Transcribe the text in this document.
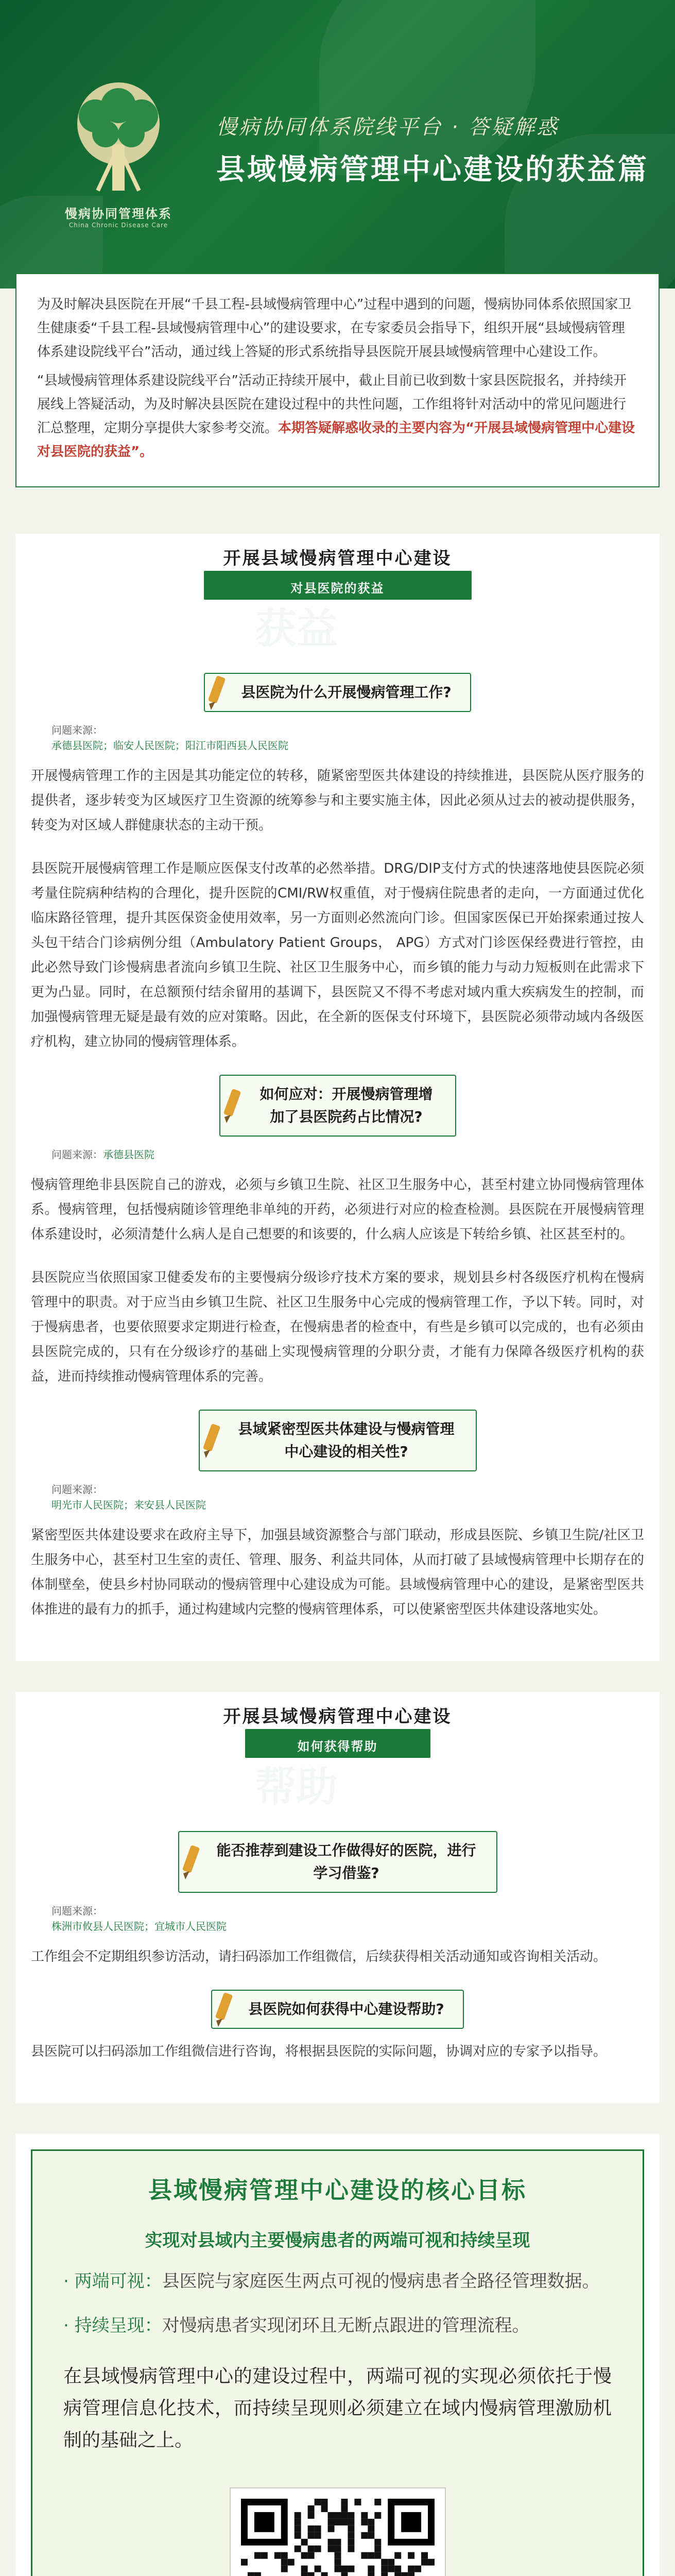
慢病协同管理体系
China Chronic Disease Care
慢病协同体系院线平台 · 答疑解惑
县域慢病管理中心建设的获益篇

为及时解决县医院在开展“千县工程-县域慢病管理中心”过程中遇到的问题，慢病协同体系依照国家卫生健康委“千县工程-县域慢病管理中心”的建设要求，在专家委员会指导下，组织开展“县域慢病管理体系建设院线平台”活动，通过线上答疑的形式系统指导县医院开展县域慢病管理中心建设工作。

“县域慢病管理体系建设院线平台”活动正持续开展中，截止目前已收到数十家县医院报名，并持续开展线上答疑活动，为及时解决县医院在建设过程中的共性问题，工作组将针对活动中的常见问题进行汇总整理，定期分享提供大家参考交流。本期答疑解惑收录的主要内容为“开展县域慢病管理中心建设对县医院的获益”。

开展县域慢病管理中心建设
对县医院的获益
获益
县医院为什么开展慢病管理工作?
问题来源：
承德县医院；临安人民医院；阳江市阳西县人民医院

开展慢病管理工作的主因是其功能定位的转移，随紧密型医共体建设的持续推进，县医院从医疗服务的提供者，逐步转变为区域医疗卫生资源的统筹参与和主要实施主体，因此必须从过去的被动提供服务，转变为对区域人群健康状态的主动干预。

县医院开展慢病管理工作是顺应医保支付改革的必然举措。DRG/DIP支付方式的快速落地使县医院必须考量住院病种结构的合理化，提升医院的CMI/RW权重值，对于慢病住院患者的走向，一方面通过优化临床路径管理，提升其医保资金使用效率，另一方面则必然流向门诊。但国家医保已开始探索通过按人头包干结合门诊病例分组（Ambulatory Patient Groups， APG）方式对门诊医保经费进行管控，由此必然导致门诊慢病患者流向乡镇卫生院、社区卫生服务中心，而乡镇的能力与动力短板则在此需求下更为凸显。同时，在总额预付结余留用的基调下，县医院又不得不考虑对域内重大疾病发生的控制，而加强慢病管理无疑是最有效的应对策略。因此，在全新的医保支付环境下，县医院必须带动域内各级医疗机构，建立协同的慢病管理体系。

如何应对：开展慢病管理增加了县医院药占比情况?
问题来源：承德县医院

慢病管理绝非县医院自己的游戏，必须与乡镇卫生院、社区卫生服务中心，甚至村建立协同慢病管理体系。慢病管理，包括慢病随诊管理绝非单纯的开药，必须进行对应的检查检测。县医院在开展慢病管理体系建设时，必须清楚什么病人是自己想要的和该要的，什么病人应该是下转给乡镇、社区甚至村的。

县医院应当依照国家卫健委发布的主要慢病分级诊疗技术方案的要求，规划县乡村各级医疗机构在慢病管理中的职责。对于应当由乡镇卫生院、社区卫生服务中心完成的慢病管理工作，予以下转。同时，对于慢病患者，也要依照要求定期进行检查，在慢病患者的检查中，有些是乡镇可以完成的，也有必须由县医院完成的，只有在分级诊疗的基础上实现慢病管理的分职分责，才能有力保障各级医疗机构的获益，进而持续推动慢病管理体系的完善。

县域紧密型医共体建设与慢病管理中心建设的相关性?
问题来源：
明光市人民医院；来安县人民医院

紧密型医共体建设要求在政府主导下，加强县域资源整合与部门联动，形成县医院、乡镇卫生院/社区卫生服务中心，甚至村卫生室的责任、管理、服务、利益共同体，从而打破了县域慢病管理中长期存在的体制壁垒，使县乡村协同联动的慢病管理中心建设成为可能。县域慢病管理中心的建设，是紧密型医共体推进的最有力的抓手，通过构建域内完整的慢病管理体系，可以使紧密型医共体建设落地实处。

开展县域慢病管理中心建设
如何获得帮助
帮助
能否推荐到建设工作做得好的医院，进行学习借鉴?
问题来源：
株洲市攸县人民医院；宜城市人民医院

工作组会不定期组织参访活动，请扫码添加工作组微信，后续获得相关活动通知或咨询相关活动。

县医院如何获得中心建设帮助?

县医院可以扫码添加工作组微信进行咨询，将根据县医院的实际问题，协调对应的专家予以指导。

县域慢病管理中心建设的核心目标
实现对县域内主要慢病患者的两端可视和持续呈现
· 两端可视： 县医院与家庭医生两点可视的慢病患者全路径管理数据。
· 持续呈现： 对慢病患者实现闭环且无断点跟进的管理流程。

在县域慢病管理中心的建设过程中，两端可视的实现必须依托于慢病管理信息化技术，而持续呈现则必须建立在域内慢病管理激励机制的基础之上。
